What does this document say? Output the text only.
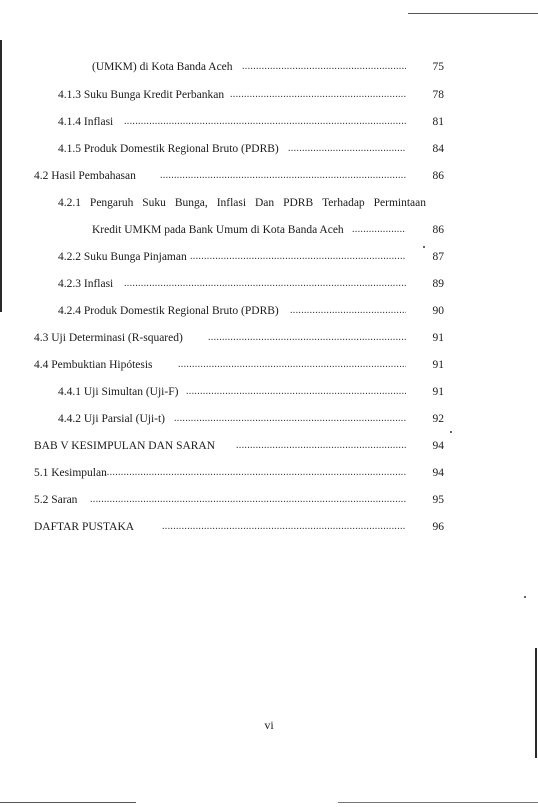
(UMKM) di Kota Banda Aceh .....	75
4.1.3 Suku Bunga Kredit Perbankan .....	78
4.1.4 Inflasi .....	81
4.1.5 Produk Domestik Regional Bruto (PDRB) .....	84
4.2 Hasil Pembahasan .....	86
4.2.1 Pengaruh Suku Bunga, Inflasi Dan PDRB Terhadap Permintaan
Kredit UMKM pada Bank Umum di Kota Banda Aceh .....	86
4.2.2 Suku Bunga Pinjaman .....	87
4.2.3 Inflasi .....	89
4.2.4 Produk Domestik Regional Bruto (PDRB) .....	90
4.3 Uji Determinasi (R-squared) .....	91
4.4 Pembuktian Hipótesis .....	91
4.4.1 Uji Simultan (Uji-F) .....	91
4.4.2 Uji Parsial (Uji-t) .....	92
BAB V KESIMPULAN DAN SARAN .....	94
5.1 Kesimpulan .....	94
5.2 Saran .....	95
DAFTAR PUSTAKA .....	96
vi
